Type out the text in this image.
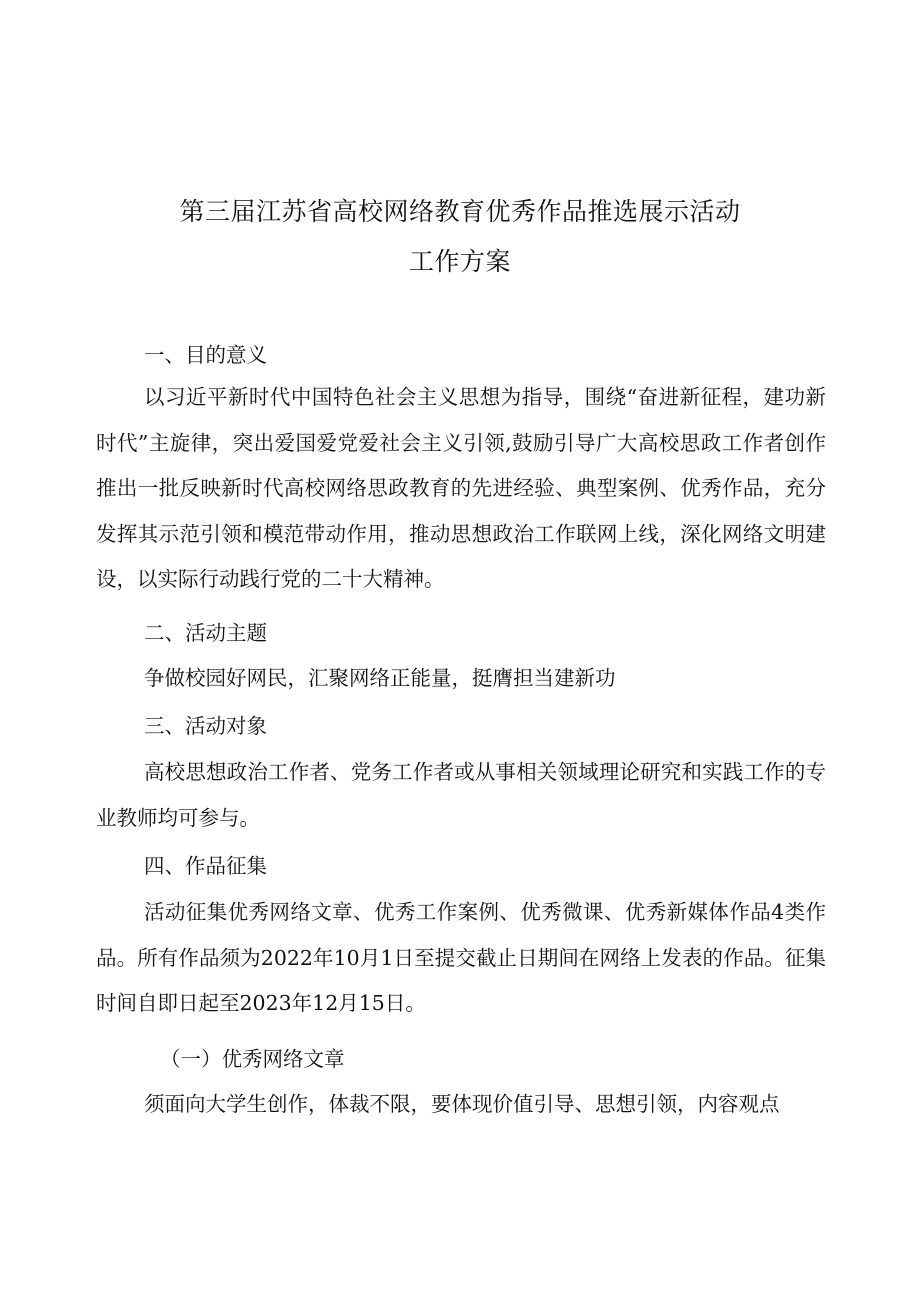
第三届江苏省高校网络教育优秀作品推选展示活动
工作方案
一、目的意义

以习近平新时代中国特色社会主义思想为指导，围绕“奋进新征程，建功新时代”主旋律，突出爱国爱党爱社会主义引领,鼓励引导广大高校思政工作者创作推出一批反映新时代高校网络思政教育的先进经验、典型案例、优秀作品，充分发挥其示范引领和模范带动作用，推动思想政治工作联网上线，深化网络文明建设，以实际行动践行党的二十大精神。

二、活动主题

争做校园好网民，汇聚网络正能量，挺膺担当建新功

三、活动对象

高校思想政治工作者、党务工作者或从事相关领域理论研究和实践工作的专业教师均可参与。

四、作品征集

活动征集优秀网络文章、优秀工作案例、优秀微课、优秀新媒体作品4类作品。所有作品须为2022年10月1日至提交截止日期间在网络上发表的作品。征集时间自即日起至2023年12月15日。

（一）优秀网络文章

须面向大学生创作，体裁不限，要体现价值引导、思想引领，内容观点
